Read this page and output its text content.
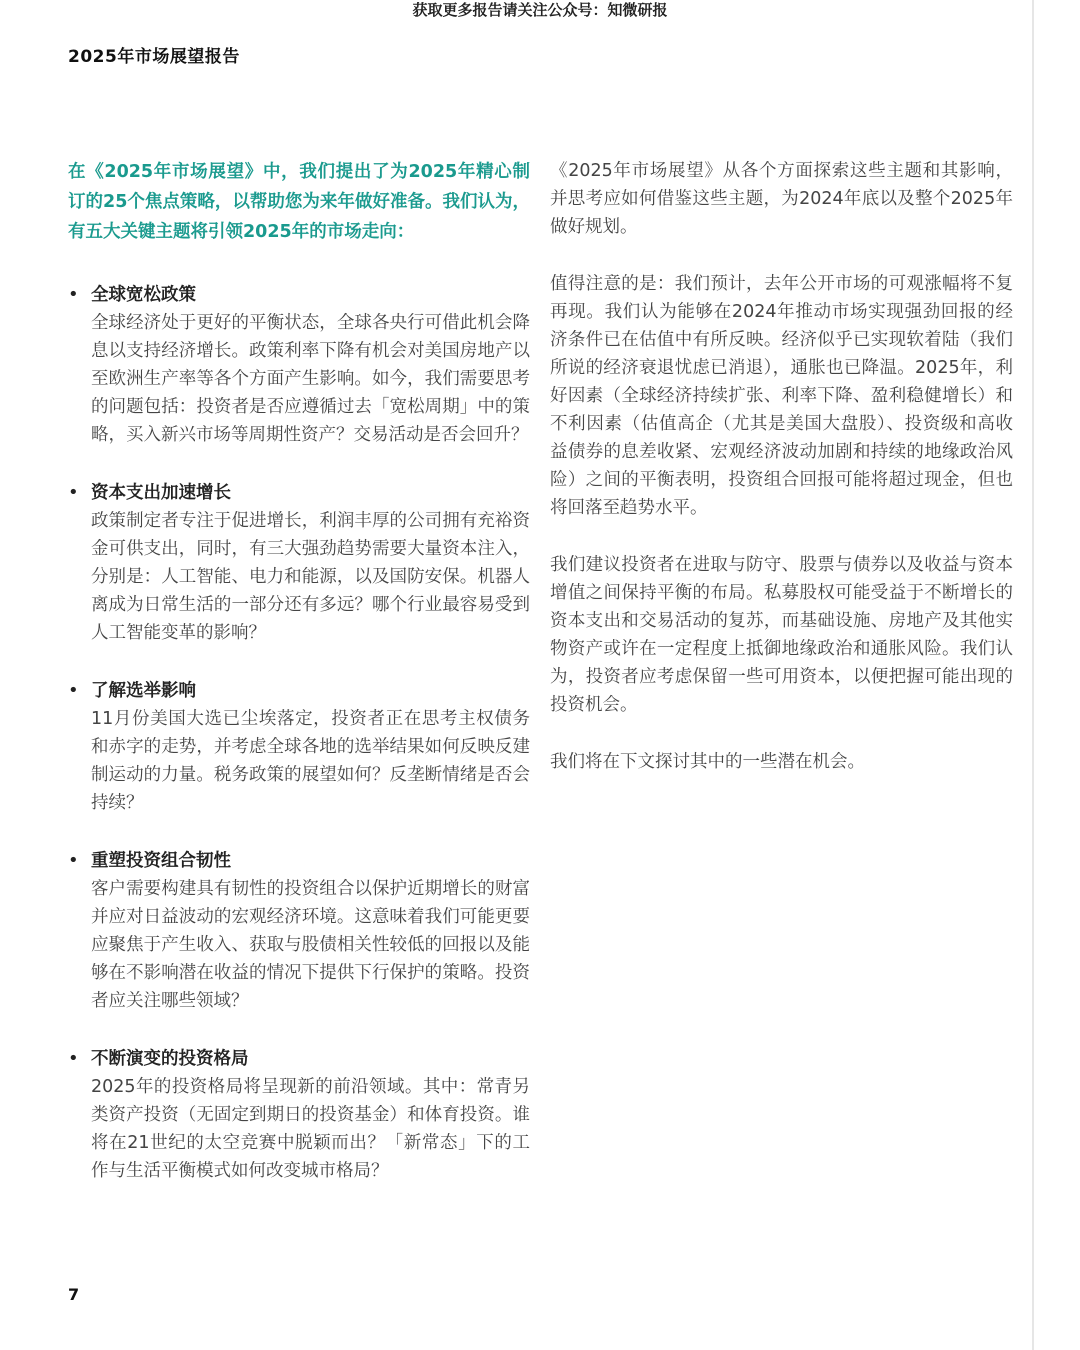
获取更多报告请关注公众号：知微研报
2025年市场展望报告

在《2025年市场展望》中，我们提出了为2025年精心制订的25个焦点策略，以帮助您为来年做好准备。我们认为，有五大关键主题将引领2025年的市场走向：

• 全球宽松政策

全球经济处于更好的平衡状态，全球各央行可借此机会降息以支持经济增长。政策利率下降有机会对美国房地产以至欧洲生产率等各个方面产生影响。如今，我们需要思考的问题包括：投资者是否应遵循过去「宽松周期」中的策略，买入新兴市场等周期性资产？交易活动是否会回升？

• 资本支出加速增长

政策制定者专注于促进增长，利润丰厚的公司拥有充裕资金可供支出，同时，有三大强劲趋势需要大量资本注入，分别是：人工智能、电力和能源，以及国防安保。机器人离成为日常生活的一部分还有多远？哪个行业最容易受到人工智能变革的影响？

• 了解选举影响

11月份美国大选已尘埃落定，投资者正在思考主权债务和赤字的走势，并考虑全球各地的选举结果如何反映反建制运动的力量。税务政策的展望如何？反垄断情绪是否会持续？

• 重塑投资组合韧性

客户需要构建具有韧性的投资组合以保护近期增长的财富并应对日益波动的宏观经济环境。这意味着我们可能更要应聚焦于产生收入、获取与股债相关性较低的回报以及能够在不影响潜在收益的情况下提供下行保护的策略。投资者应关注哪些领域？

• 不断演变的投资格局

2025年的投资格局将呈现新的前沿领域。其中：常青另类资产投资（无固定到期日的投资基金）和体育投资。谁将在21世纪的太空竞赛中脱颖而出？「新常态」下的工作与生活平衡模式如何改变城市格局？

《2025年市场展望》从各个方面探索这些主题和其影响，并思考应如何借鉴这些主题，为2024年底以及整个2025年做好规划。

值得注意的是：我们预计，去年公开市场的可观涨幅将不复再现。我们认为能够在2024年推动市场实现强劲回报的经济条件已在估值中有所反映。经济似乎已实现软着陆（我们所说的经济衰退忧虑已消退），通胀也已降温。2025年，利好因素（全球经济持续扩张、利率下降、盈利稳健增长）和不利因素（估值高企（尤其是美国大盘股）、投资级和高收益债券的息差收紧、宏观经济波动加剧和持续的地缘政治风险）之间的平衡表明，投资组合回报可能将超过现金，但也将回落至趋势水平。

我们建议投资者在进取与防守、股票与债券以及收益与资本增值之间保持平衡的布局。私募股权可能受益于不断增长的资本支出和交易活动的复苏，而基础设施、房地产及其他实物资产或许在一定程度上抵御地缘政治和通胀风险。我们认为，投资者应考虑保留一些可用资本，以便把握可能出现的投资机会。

我们将在下文探讨其中的一些潜在机会。

7
